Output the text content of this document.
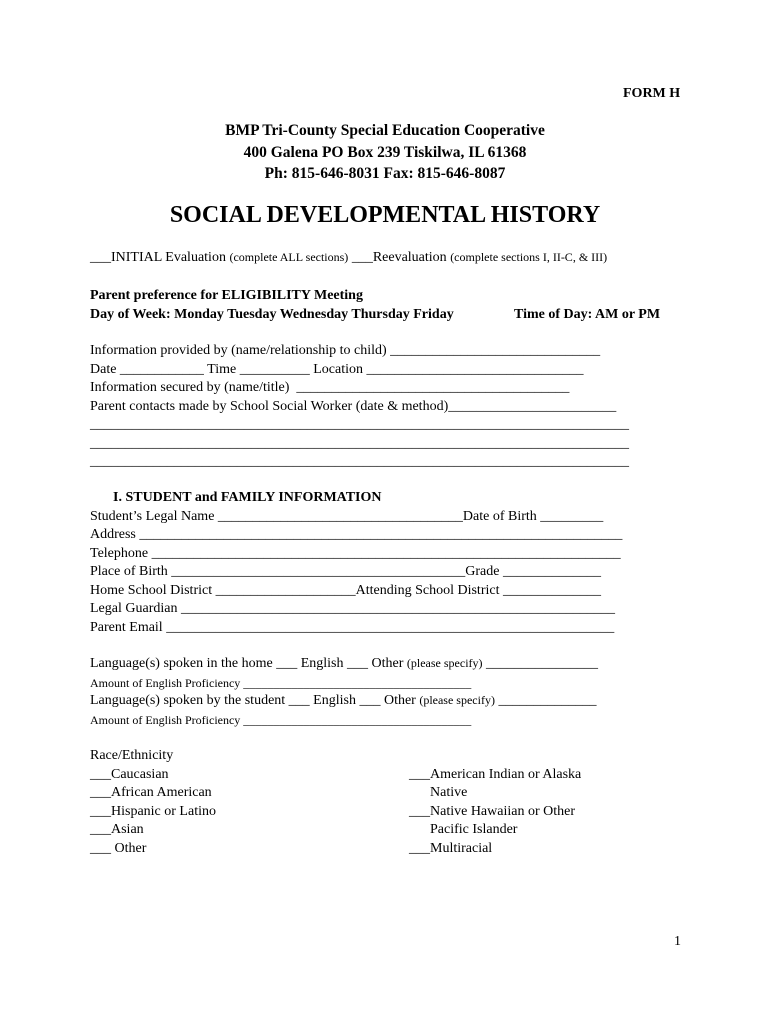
FORM H
BMP Tri-County Special Education Cooperative
400 Galena PO Box 239 Tiskilwa, IL 61368
Ph: 815-646-8031 Fax: 815-646-8087
SOCIAL DEVELOPMENTAL HISTORY
___INITIAL Evaluation (complete ALL sections) ___Reevaluation (complete sections I, II-C, & III)
Parent preference for ELIGIBILITY Meeting
Day of Week: Monday Tuesday Wednesday Thursday Friday	Time of Day: AM or PM
Information provided by (name/relationship to child) ______________________________
Date ____________ Time __________ Location _______________________________
Information secured by (name/title)  _______________________________________
Parent contacts made by School Social Worker (date & method)________________________
_____________________________________________________________________________
_____________________________________________________________________________
_____________________________________________________________________________
I. STUDENT and FAMILY INFORMATION
Student’s Legal Name ___________________________________Date of Birth _________
Address _____________________________________________________________________
Telephone ___________________________________________________________________
Place of Birth __________________________________________Grade ______________
Home School District ____________________Attending School District ______________
Legal Guardian ______________________________________________________________
Parent Email ________________________________________________________________
Language(s) spoken in the home ___ English ___ Other (please specify) ________________
Amount of English Proficiency ______________________________________
Language(s) spoken by the student ___ English ___ Other (please specify) ______________
Amount of English Proficiency ______________________________________
Race/Ethnicity
___Caucasian
___African American
___Hispanic or Latino
___Asian
___ Other
___American Indian or Alaska
Native
___Native Hawaiian or Other
Pacific Islander
___Multiracial
1
